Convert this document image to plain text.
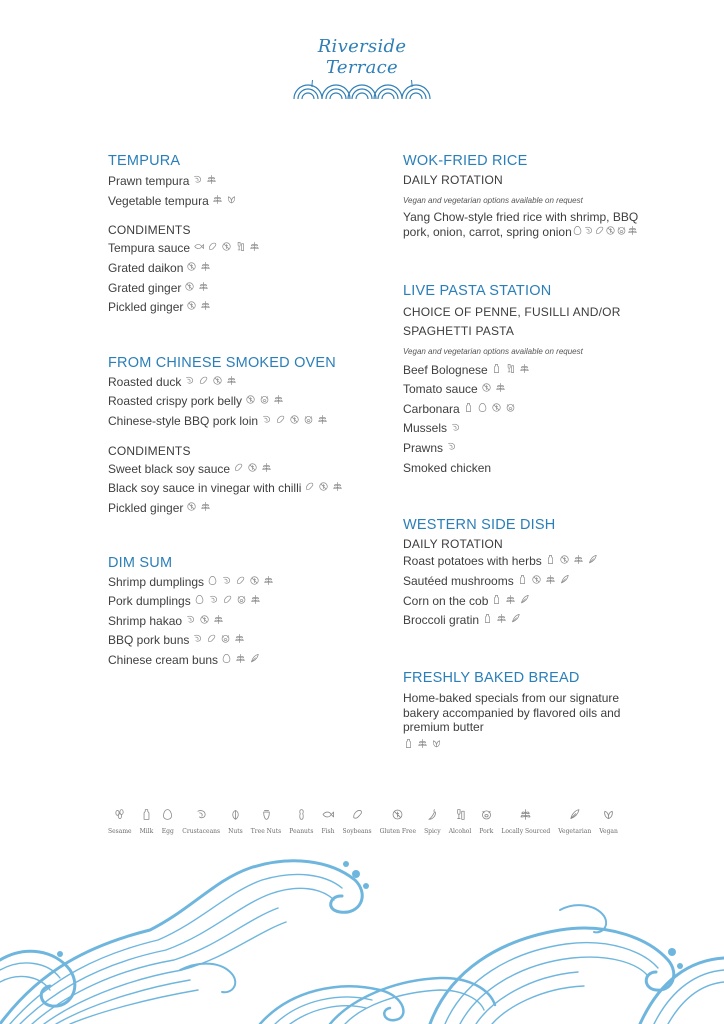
Riverside
Terrace
TEMPURA
Prawn tempura
Vegetable tempura
CONDIMENTS
Tempura sauce
Grated daikon
Grated ginger
Pickled ginger
FROM CHINESE SMOKED OVEN
Roasted duck
Roasted crispy pork belly
Chinese-style BBQ pork loin
CONDIMENTS
Sweet black soy sauce
Black soy sauce in vinegar with chilli
Pickled ginger
DIM SUM
Shrimp dumplings
Pork dumplings
Shrimp hakao
BBQ pork buns
Chinese cream buns
WOK-FRIED RICE
DAILY ROTATION
Vegan and vegetarian options available on request
Yang Chow-style fried rice with shrimp, BBQ pork, onion, carrot, spring onion
LIVE PASTA STATION
CHOICE OF PENNE, FUSILLI AND/OR
SPAGHETTI PASTA
Vegan and vegetarian options available on request
Beef Bolognese
Tomato sauce
Carbonara
Mussels
Prawns
Smoked chicken
WESTERN SIDE DISH
DAILY ROTATION
Roast potatoes with herbs
Sautéed mushrooms
Corn on the cob
Broccoli gratin
FRESHLY BAKED BREAD
Home-baked specials from our signature bakery accompanied by flavored oils and premium butter
Sesame Milk Egg Crustaceans Nuts Tree Nuts Peanuts Fish Soybeans Gluten Free Spicy Alcohol Pork Locally Sourced Vegetarian Vegan
